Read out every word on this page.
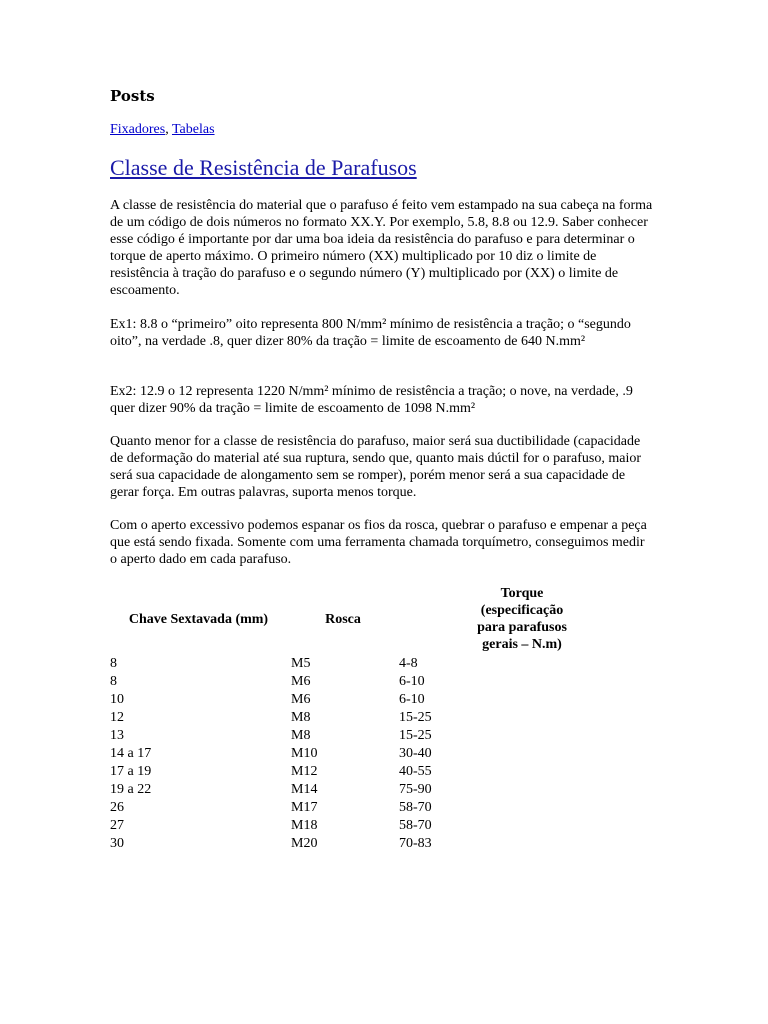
Posts
Fixadores, Tabelas
Classe de Resistência de Parafusos

A classe de resistência do material que o parafuso é feito vem estampado na sua cabeça na forma de um código de dois números no formato XX.Y. Por exemplo, 5.8, 8.8 ou 12.9. Saber conhecer esse código é importante por dar uma boa ideia da resistência do parafuso e para determinar o torque de aperto máximo. O primeiro número (XX) multiplicado por 10 diz o limite de resistência à tração do parafuso e o segundo número (Y) multiplicado por (XX) o limite de escoamento.

Ex1: 8.8 o “primeiro” oito representa 800 N/mm² mínimo de resistência a tração; o “segundo oito”, na verdade .8, quer dizer 80% da tração = limite de escoamento de 640 N.mm²

Ex2: 12.9 o 12 representa 1220 N/mm² mínimo de resistência a tração; o nove, na verdade, .9 quer dizer 90% da tração = limite de escoamento de 1098 N.mm²

Quanto menor for a classe de resistência do parafuso, maior será sua ductibilidade (capacidade de deformação do material até sua ruptura, sendo que, quanto mais dúctil for o parafuso, maior será sua capacidade de alongamento sem se romper), porém menor será a sua capacidade de gerar força. Em outras palavras, suporta menos torque.

Com o aperto excessivo podemos espanar os fios da rosca, quebrar o parafuso e empenar a peça que está sendo fixada. Somente com uma ferramenta chamada torquímetro, conseguimos medir o aperto dado em cada parafuso.

Chave Sextavada (mm)	Rosca		Torque (especificação para parafusos gerais – N.m)
8	M5	4-8	
8	M6	6-10	
10	M6	6-10	
12	M8	15-25	
13	M8	15-25	
14 a 17	M10	30-40	
17 a 19	M12	40-55	
19 a 22	M14	75-90	
26	M17	58-70	
27	M18	58-70	
30	M20	70-83	
